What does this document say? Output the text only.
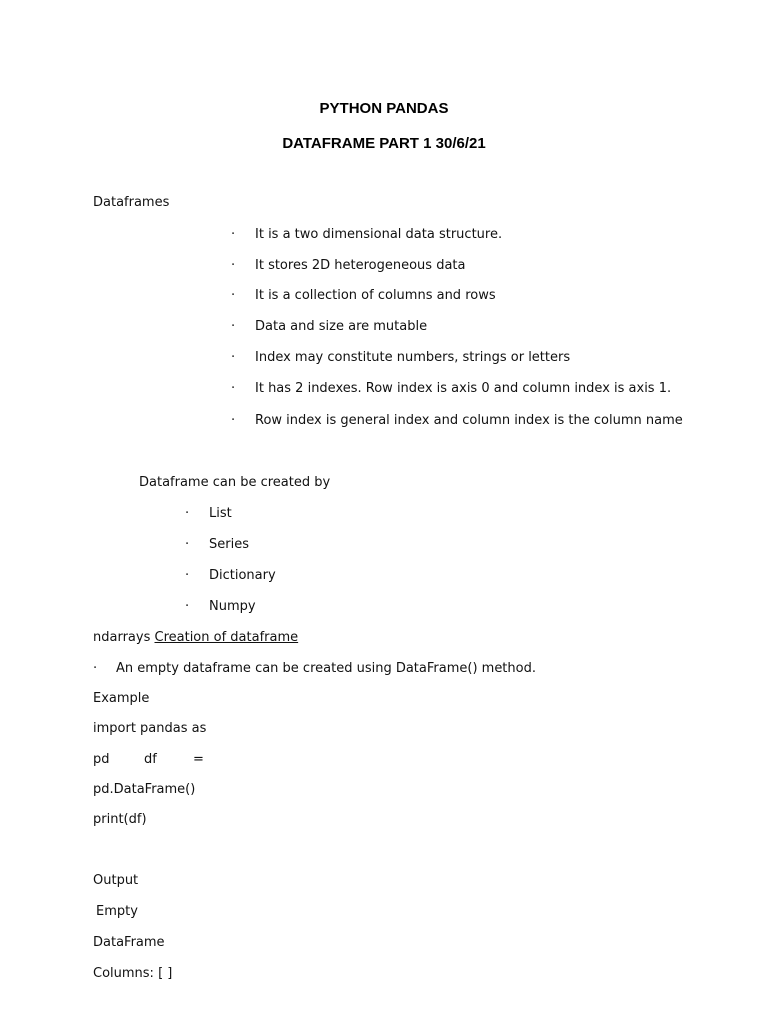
PYTHON PANDAS
DATAFRAME PART 1 30/6/21
Dataframes
· It is a two dimensional data structure.
· It stores 2D heterogeneous data
· It is a collection of columns and rows
· Data and size are mutable
· Index may constitute numbers, strings or letters
· It has 2 indexes. Row index is axis 0 and column index is axis 1.
· Row index is general index and column index is the column name
Dataframe can be created by
· List
· Series
· Dictionary
· Numpy
ndarrays Creation of dataframe
· An empty dataframe can be created using DataFrame() method.
Example
import pandas as
pd	df	=
pd.DataFrame()
print(df)
Output
Empty
DataFrame
Columns: [ ]
